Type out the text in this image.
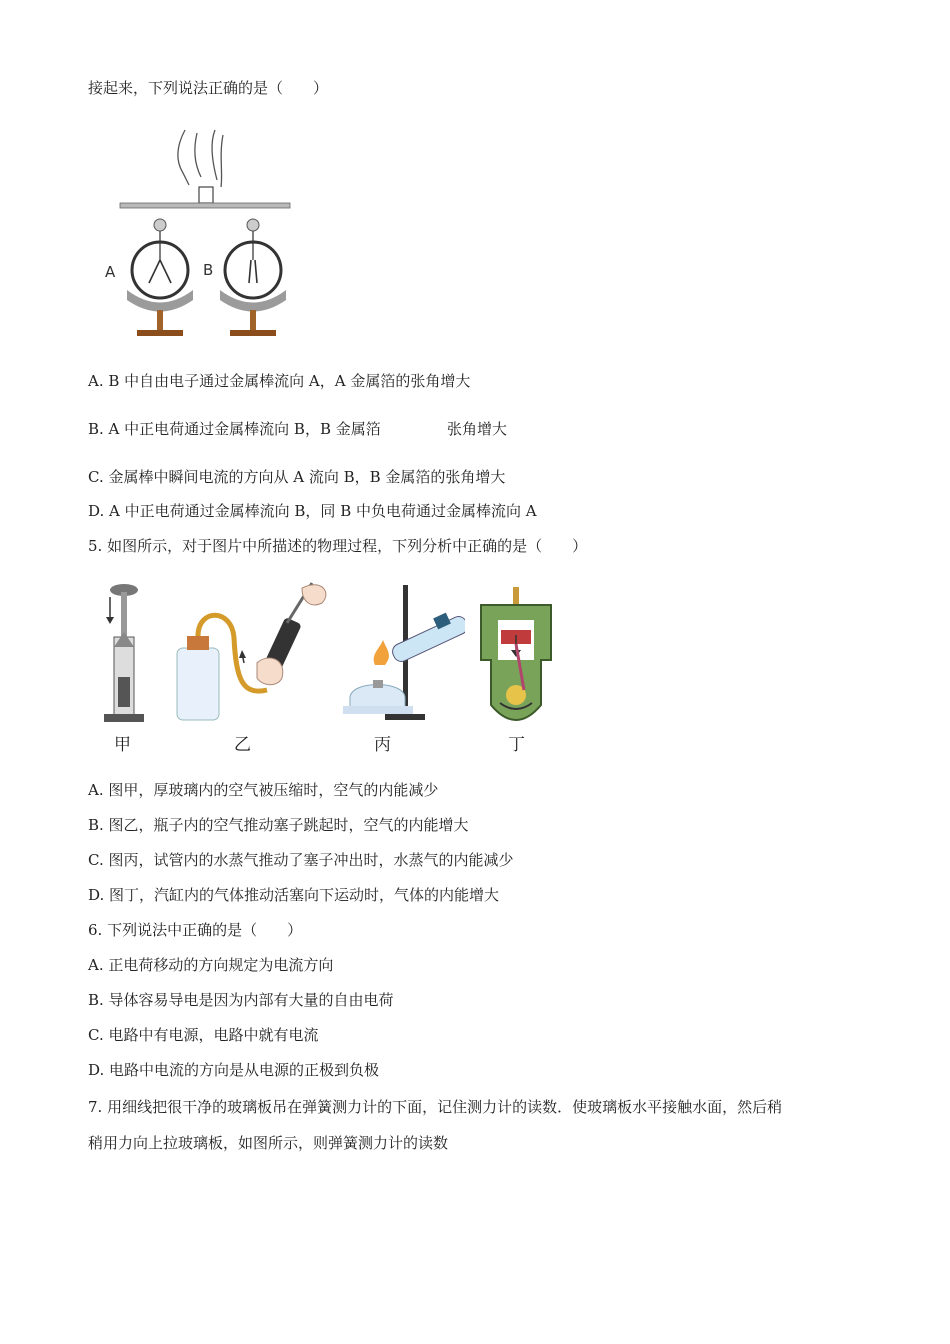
接起来，下列说法正确的是（　　）
A	B
A. B 中自由电子通过金属棒流向 A，A 金属箔的张角增大
B. A 中正电荷通过金属棒流向 B，B 金属箔	张角增大
C. 金属棒中瞬间电流的方向从 A 流向 B，B 金属箔的张角增大
D. A 中正电荷通过金属棒流向 B，同 B 中负电荷通过金属棒流向 A
5. 如图所示，对于图片中所描述的物理过程，下列分析中正确的是（　　）
甲	乙	丙	丁
A. 图甲，厚玻璃内的空气被压缩时，空气的内能减少
B. 图乙，瓶子内的空气推动塞子跳起时，空气的内能增大
C. 图丙，试管内的水蒸气推动了塞子冲出时，水蒸气的内能减少
D. 图丁，汽缸内的气体推动活塞向下运动时，气体的内能增大
6. 下列说法中正确的是（　　）
A. 正电荷移动的方向规定为电流方向
B. 导体容易导电是因为内部有大量的自由电荷
C. 电路中有电源，电路中就有电流
D. 电路中电流的方向是从电源的正极到负极
7. 用细线把很干净的玻璃板吊在弹簧测力计的下面，记住测力计的读数．使玻璃板水平接触水面，然后稍
稍用力向上拉玻璃板，如图所示，则弹簧测力计的读数
